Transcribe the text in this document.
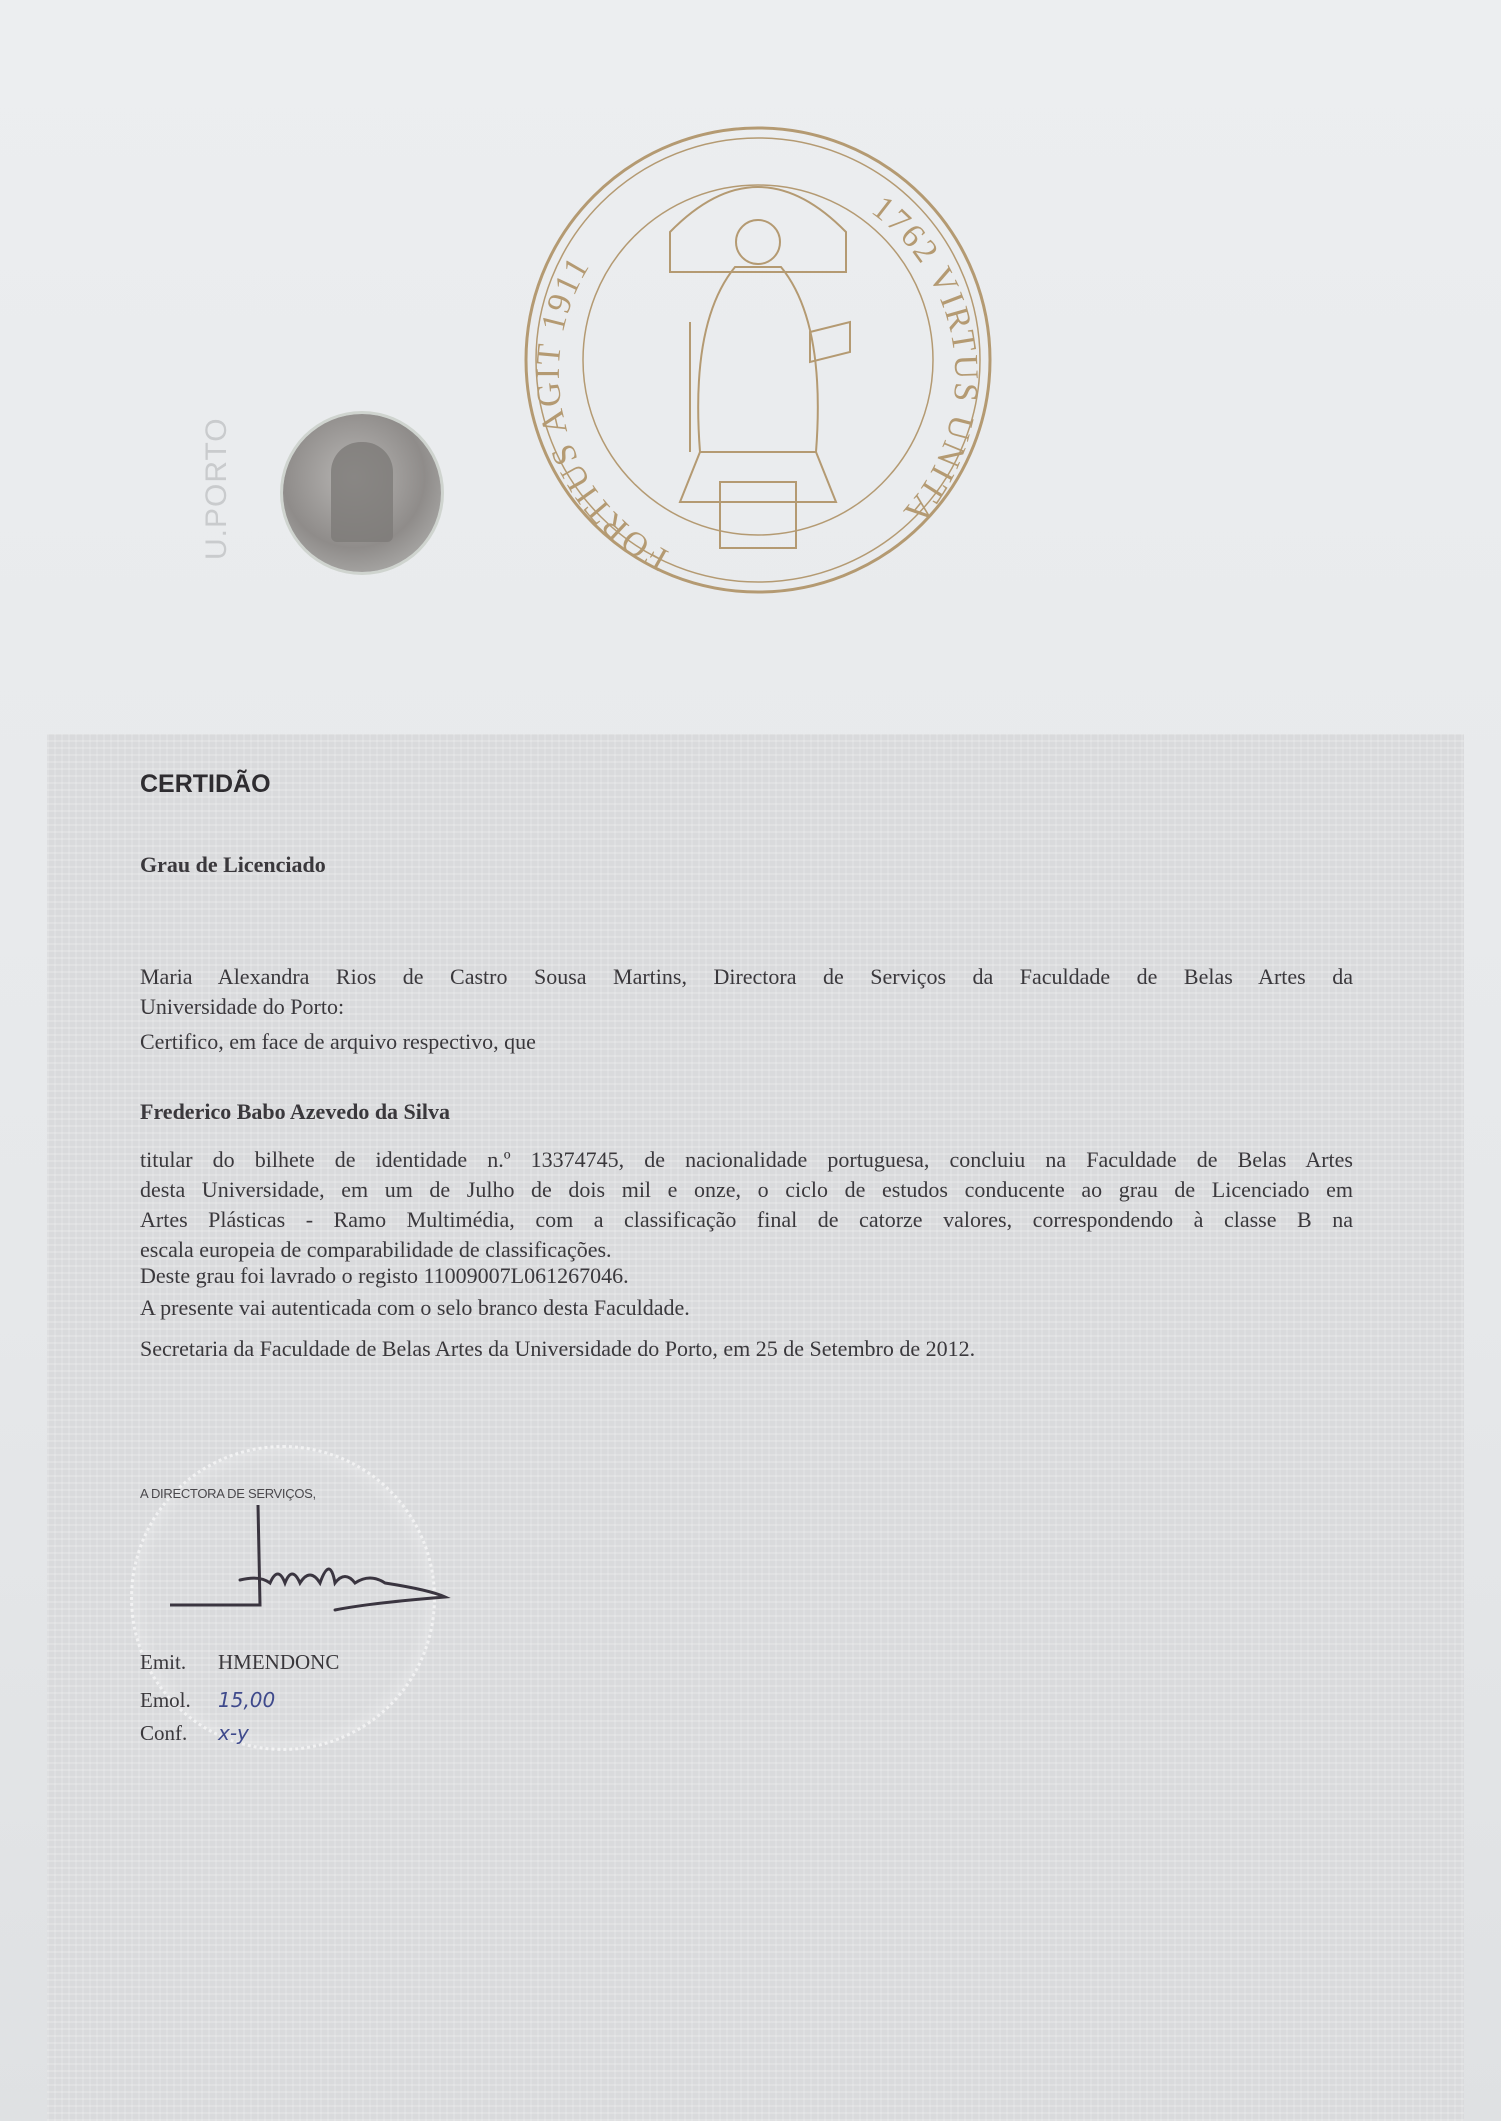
U.PORTO	FORTIUS AGIT 1911
1762 VIRTUS UNITA
CERTIDÃO
Grau de Licenciado
Maria Alexandra Rios de Castro Sousa Martins, Directora de Serviços da Faculdade de Belas Artes da
Universidade do Porto:
Certifico, em face de arquivo respectivo, que
Frederico Babo Azevedo da Silva
titular do bilhete de identidade n.º 13374745, de nacionalidade portuguesa, concluiu na Faculdade de Belas Artes
desta Universidade, em um de Julho de dois mil e onze, o ciclo de estudos conducente ao grau de Licenciado em
Artes Plásticas - Ramo Multimédia, com a classificação final de catorze valores, correspondendo à classe B na
escala europeia de comparabilidade de classificações.
Deste grau foi lavrado o registo 11009007L061267046.
A presente vai autenticada com o selo branco desta Faculdade.
Secretaria da Faculdade de Belas Artes da Universidade do Porto, em 25 de Setembro de 2012.
A DIRECTORA DE SERVIÇOS,
Emit. HMENDONC
Emol. 15,00
Conf. x-y
